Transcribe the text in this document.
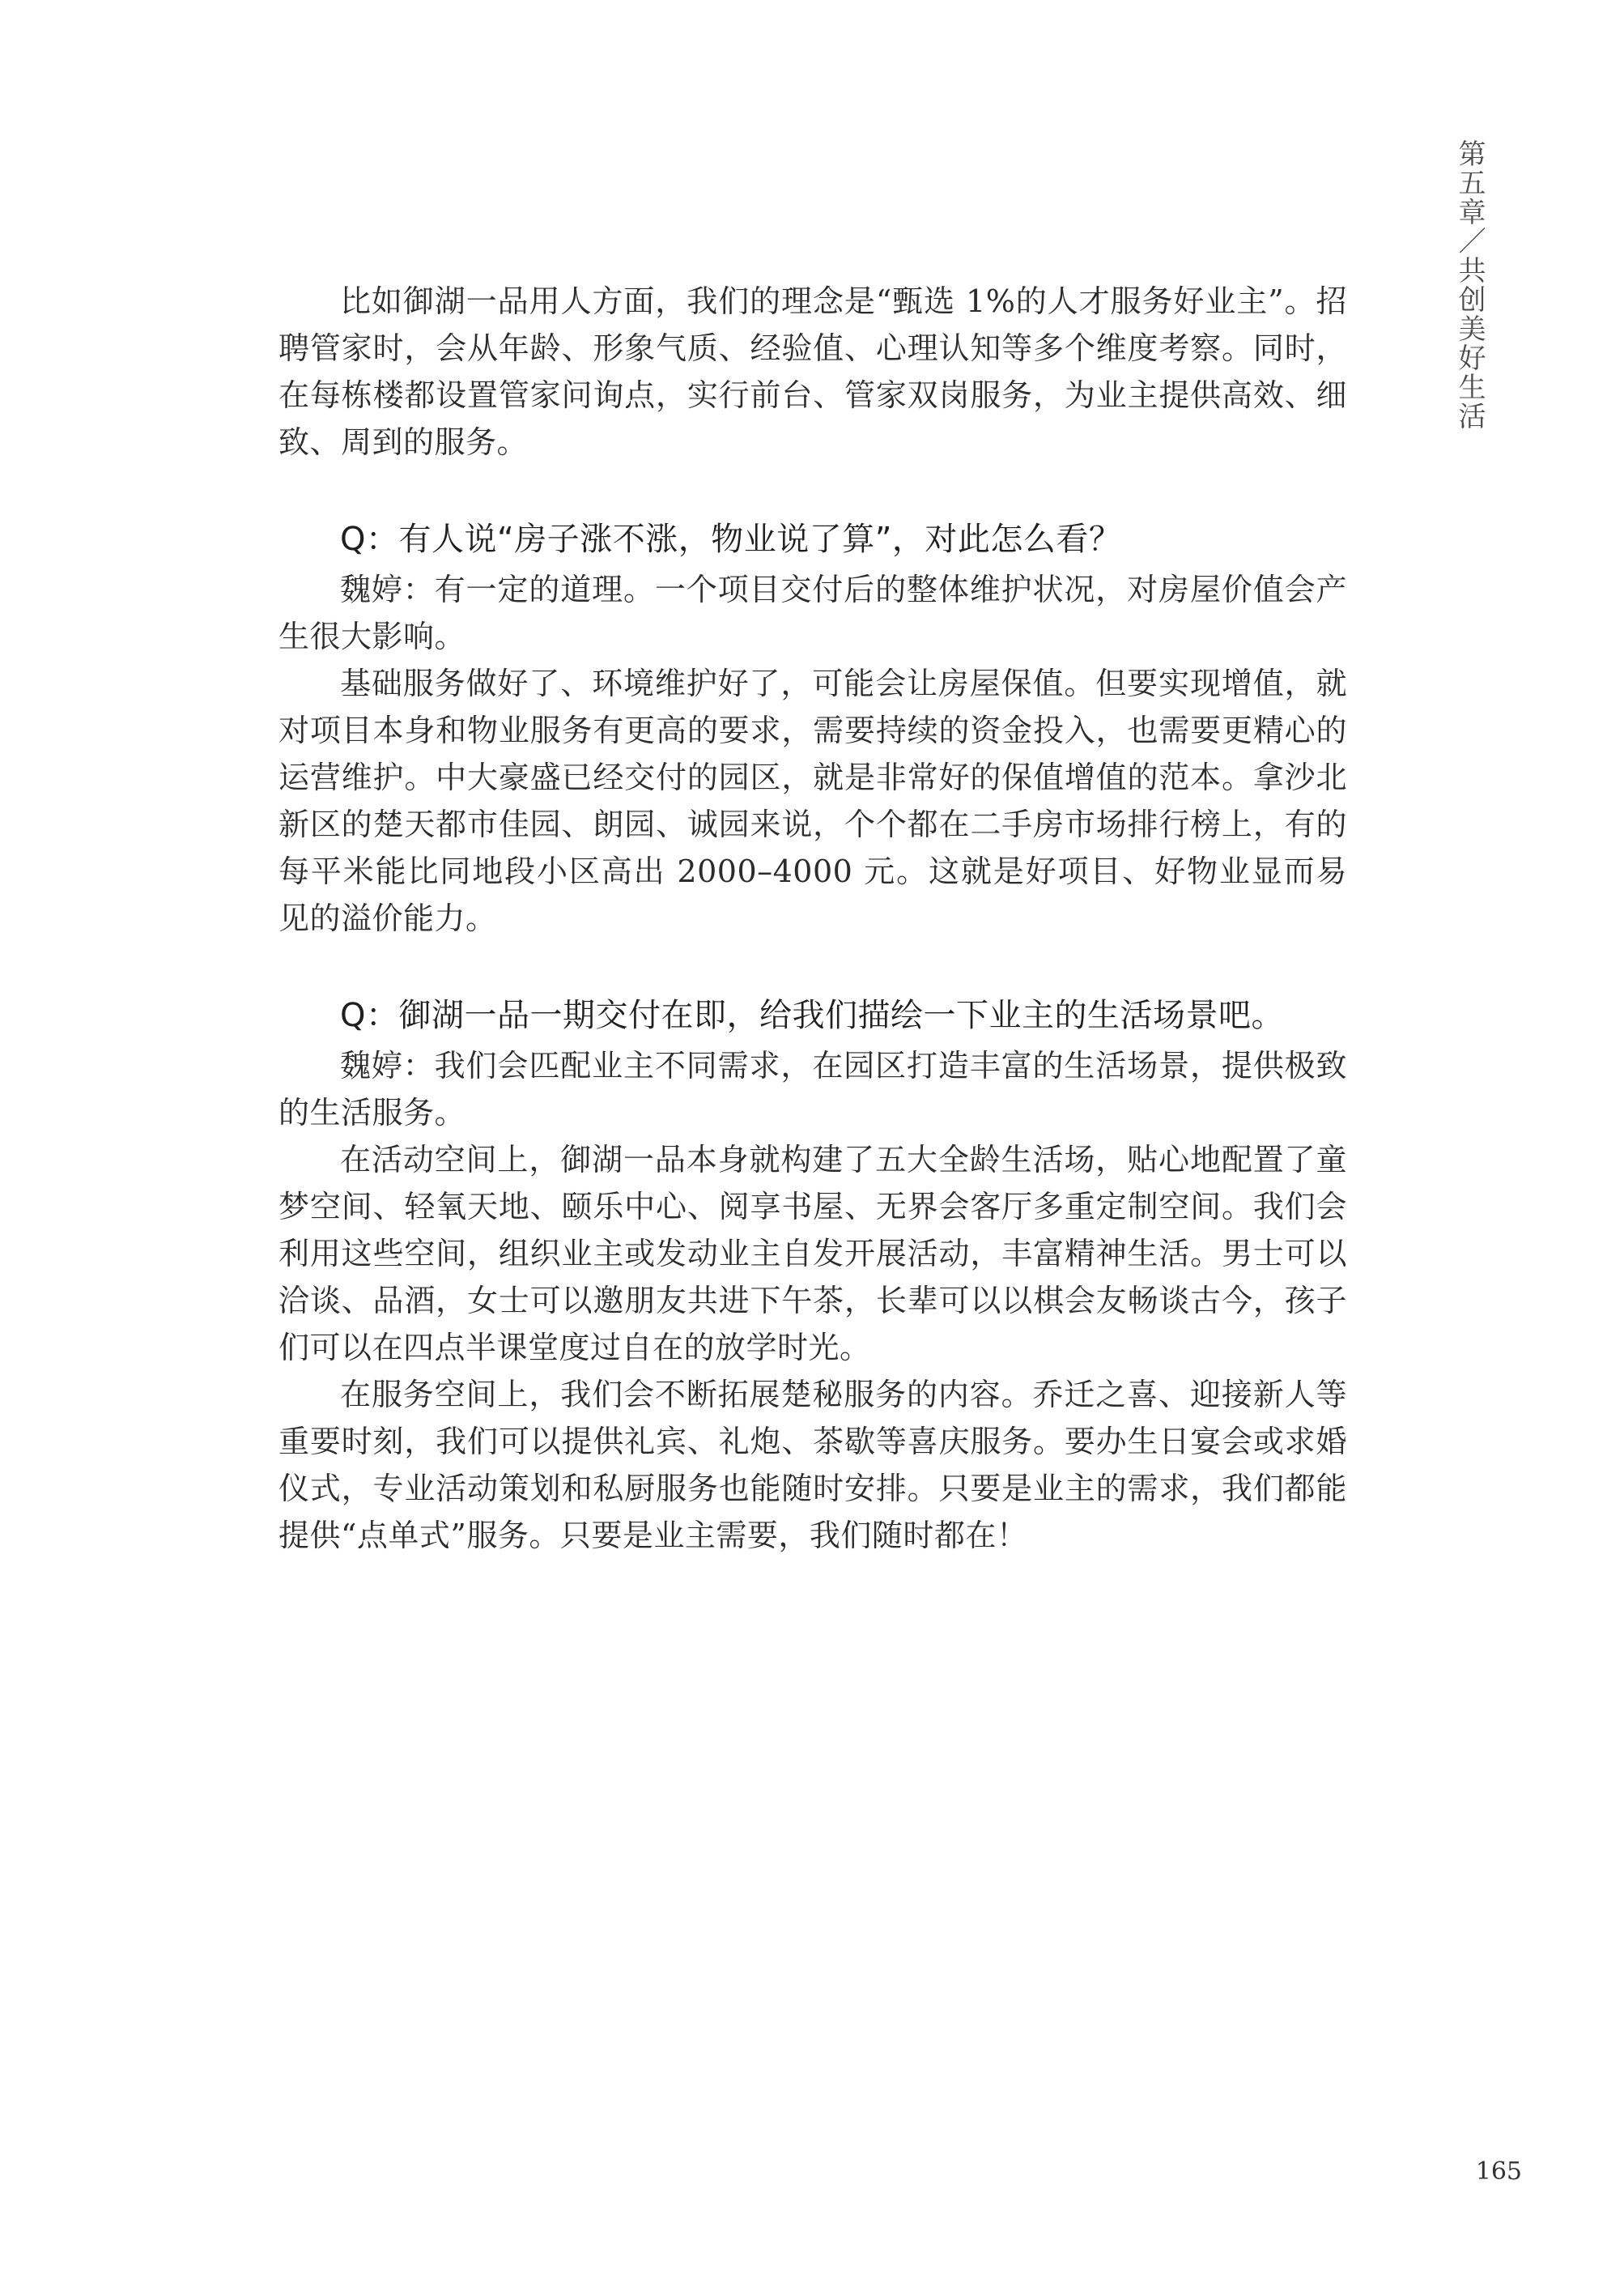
第五章／共创美好生活

比如御湖一品用人方面，我们的理念是“甄选 1%的人才服务好业主”。招聘管家时，会从年龄、形象气质、经验值、心理认知等多个维度考察。同时，在每栋楼都设置管家问询点，实行前台、管家双岗服务，为业主提供高效、细致、周到的服务。

Q：有人说“房子涨不涨，物业说了算”，对此怎么看？

魏婷：有一定的道理。一个项目交付后的整体维护状况，对房屋价值会产生很大影响。

基础服务做好了、环境维护好了，可能会让房屋保值。但要实现增值，就对项目本身和物业服务有更高的要求，需要持续的资金投入，也需要更精心的运营维护。中大豪盛已经交付的园区，就是非常好的保值增值的范本。拿沙北新区的楚天都市佳园、朗园、诚园来说，个个都在二手房市场排行榜上，有的每平米能比同地段小区高出 2000–4000 元。这就是好项目、好物业显而易见的溢价能力。

Q：御湖一品一期交付在即，给我们描绘一下业主的生活场景吧。

魏婷：我们会匹配业主不同需求，在园区打造丰富的生活场景，提供极致的生活服务。

在活动空间上，御湖一品本身就构建了五大全龄生活场，贴心地配置了童梦空间、轻氧天地、颐乐中心、阅享书屋、无界会客厅多重定制空间。我们会利用这些空间，组织业主或发动业主自发开展活动，丰富精神生活。男士可以洽谈、品酒，女士可以邀朋友共进下午茶，长辈可以以棋会友畅谈古今，孩子们可以在四点半课堂度过自在的放学时光。

在服务空间上，我们会不断拓展楚秘服务的内容。乔迁之喜、迎接新人等重要时刻，我们可以提供礼宾、礼炮、茶歇等喜庆服务。要办生日宴会或求婚仪式，专业活动策划和私厨服务也能随时安排。只要是业主的需求，我们都能提供“点单式”服务。只要是业主需要，我们随时都在！

165
